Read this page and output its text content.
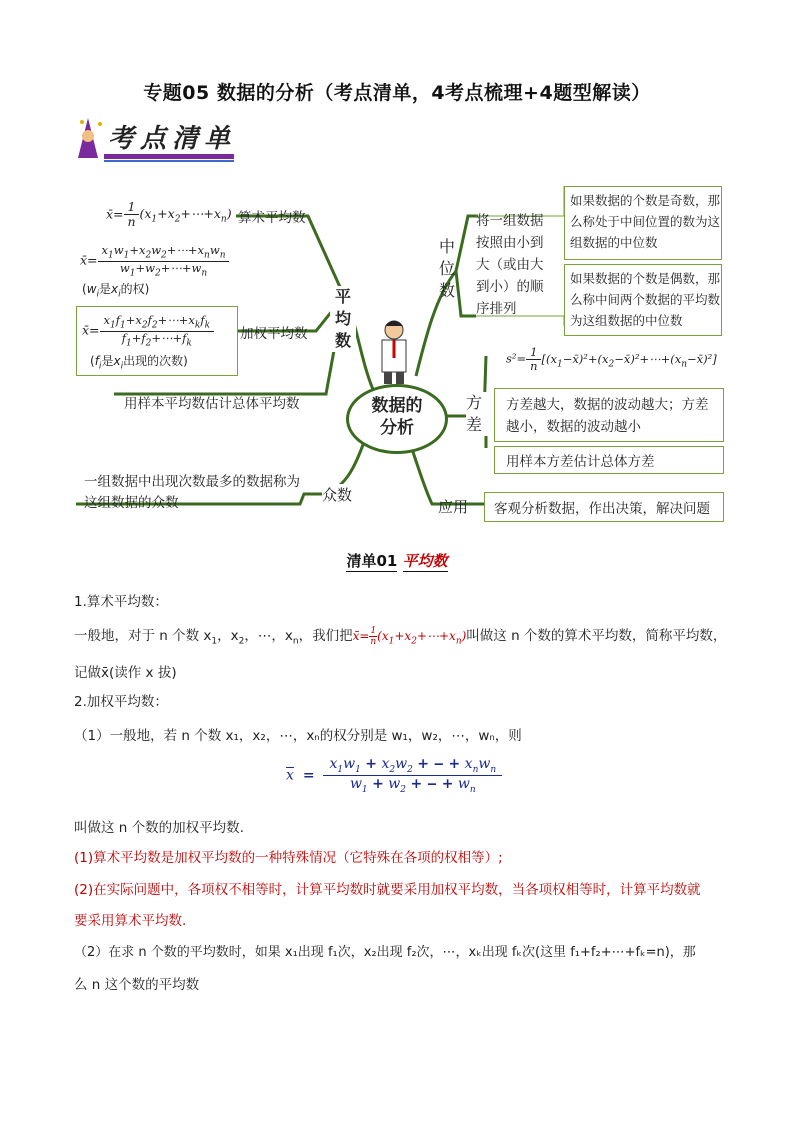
专题05 数据的分析（考点清单，4考点梳理+4题型解读）
考点清单
数据的分析
平均数
x̄= $\frac{1}{n}$ $(x_1+x_2+\cdots+x_n)$ 算术平均数
x̄= $\frac{x_1w_1+x_2w_2+\cdots+x_nw_n}{w_1+w_2+\cdots+w_n}$
($w_i$是$x_i$的权)
x̄= $\frac{x_1f_1+x_2f_2+\cdots+x_kf_k}{f_1+f_2+\cdots+f_k}$
($f_i$是$x_i$出现的次数)
加权平均数
用样本平均数估计总体平均数
一组数据中出现次数最多的数据称为这组数据的众数	众数
中位数
将一组数据按照由小到大（或由大到小）的顺序排列
如果数据的个数是奇数，那么称处于中间位置的数为这组数据的中位数
如果数据的个数是偶数，那么称中间两个数据的平均数为这组数据的中位数
$s^2= \frac{1}{n}$ $[(x_1-x̄)^2+(x_2-x̄)^2+\cdots+(x_n-x̄)^2]$
方差
方差越大，数据的波动越大；方差越小，数据的波动越小
用样本方差估计总体方差
应用 客观分析数据，作出决策，解决问题
清单01 平均数
1.算术平均数：
一般地，对于 n 个数 $x_1$，$x_2$，⋯，$x_n$，我们把x̄= $\frac{1}{n}$ $(x_1+x_2+\cdots+x_n)$叫做这 n 个数的算术平均数，简称平均数，
记做x̄(读作 x 拔)
2.加权平均数：
（1）一般地，若 n 个数 x₁，x₂，⋯，xₙ的权分别是 w₁，w₂，⋯，wₙ，则
$\overline{x} = \frac{x_1w_1 + x_2w_2 + ‒ + x_nw_n}{w_1 + w_2 + ‒ + w_n}$
叫做这 n 个数的加权平均数.
(1)算术平均数是加权平均数的一种特殊情况（它特殊在各项的权相等）;
(2)在实际问题中，各项权不相等时，计算平均数时就要采用加权平均数，当各项权相等时，计算平均数就
要采用算术平均数.
（2）在求 n 个数的平均数时，如果 x₁出现 f₁次，x₂出现 f₂次，⋯，xₖ出现 fₖ次(这里 f₁+f₂+⋯+fₖ=n)，那
么 n 这个数的平均数
